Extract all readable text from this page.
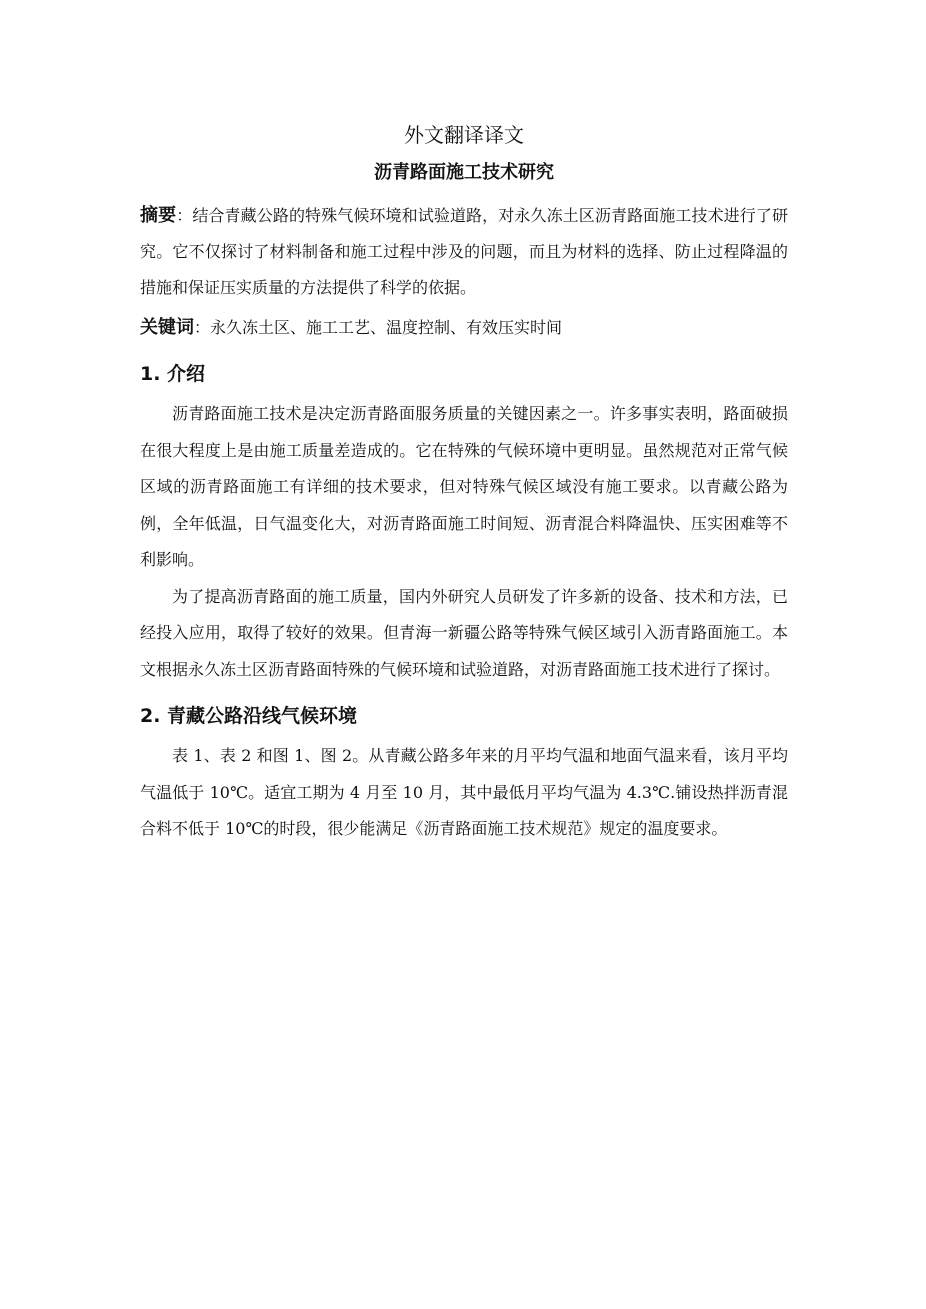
外文翻译译文
沥青路面施工技术研究

摘要：结合青藏公路的特殊气候环境和试验道路，对永久冻土区沥青路面施工技术进行了研究。它不仅探讨了材料制备和施工过程中涉及的问题，而且为材料的选择、防止过程降温的措施和保证压实质量的方法提供了科学的依据。

关键词：永久冻土区、施工工艺、温度控制、有效压实时间

1. 介绍

沥青路面施工技术是决定沥青路面服务质量的关键因素之一。许多事实表明，路面破损在很大程度上是由施工质量差造成的。它在特殊的气候环境中更明显。虽然规范对正常气候区域的沥青路面施工有详细的技术要求，但对特殊气候区域没有施工要求。以青藏公路为例，全年低温，日气温变化大，对沥青路面施工时间短、沥青混合料降温快、压实困难等不利影响。

为了提高沥青路面的施工质量，国内外研究人员研发了许多新的设备、技术和方法，已经投入应用，取得了较好的效果。但青海一新疆公路等特殊气候区域引入沥青路面施工。本文根据永久冻土区沥青路面特殊的气候环境和试验道路，对沥青路面施工技术进行了探讨。

2. 青藏公路沿线气候环境

表 1、表 2 和图 1、图 2。从青藏公路多年来的月平均气温和地面气温来看，该月平均气温低于 10℃。适宜工期为 4 月至 10 月，其中最低月平均气温为 4.3℃.铺设热拌沥青混合料不低于 10℃的时段，很少能满足《沥青路面施工技术规范》规定的温度要求。
